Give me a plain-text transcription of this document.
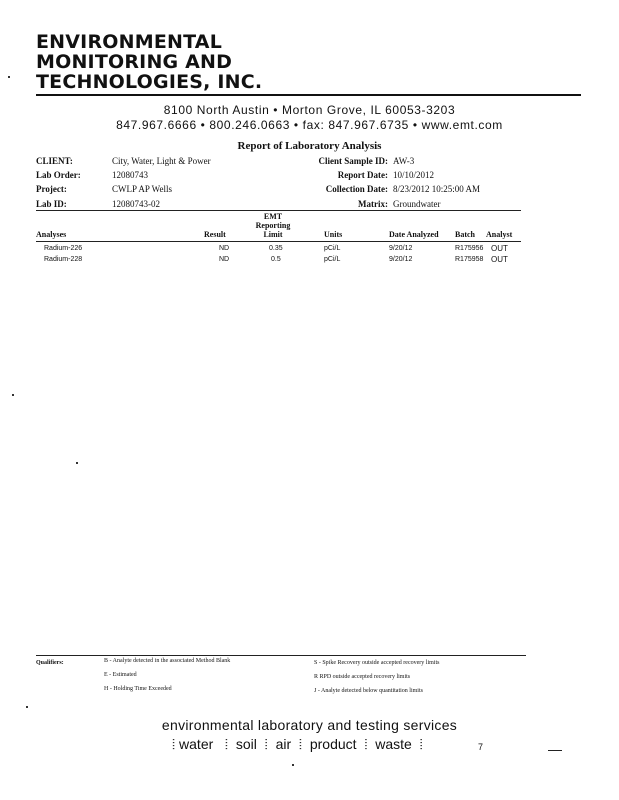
ENVIRONMENTAL
MONITORING AND
TECHNOLOGIES, INC.
8100 North Austin • Morton Grove, IL 60053-3203
847.967.6666 • 800.246.0663 • fax: 847.967.6735 • www.emt.com
Report of Laboratory Analysis
CLIENT:	City, Water, Light & Power
Lab Order:	12080743
Project:	CWLP AP Wells
Lab ID:	12080743-02
Client Sample ID: AW-3
Report Date: 10/10/2012
Collection Date: 8/23/2012 10:25:00 AM
Matrix: Groundwater
Analyses	Result
EMT
Reporting
Limit	Units	Date Analyzed Batch Analyst
Radium-226	ND	0.35	pCi/L	9/20/12	R175956 OUT
Radium-228	ND	0.5	pCi/L	9/20/12	R175958 OUT
Qualifiers:	B - Analyte detected in the associated Method Blank
E - Estimated
H - Holding Time Exceeded
S - Spike Recovery outside accepted recovery limits
R RPD outside accepted recovery limits
J - Analyte detected below quantitation limits
environmental laboratory and testing services
⦙ water   ⦙  soil  ⦙  air  ⦙  product  ⦙  waste  ⦙	7
